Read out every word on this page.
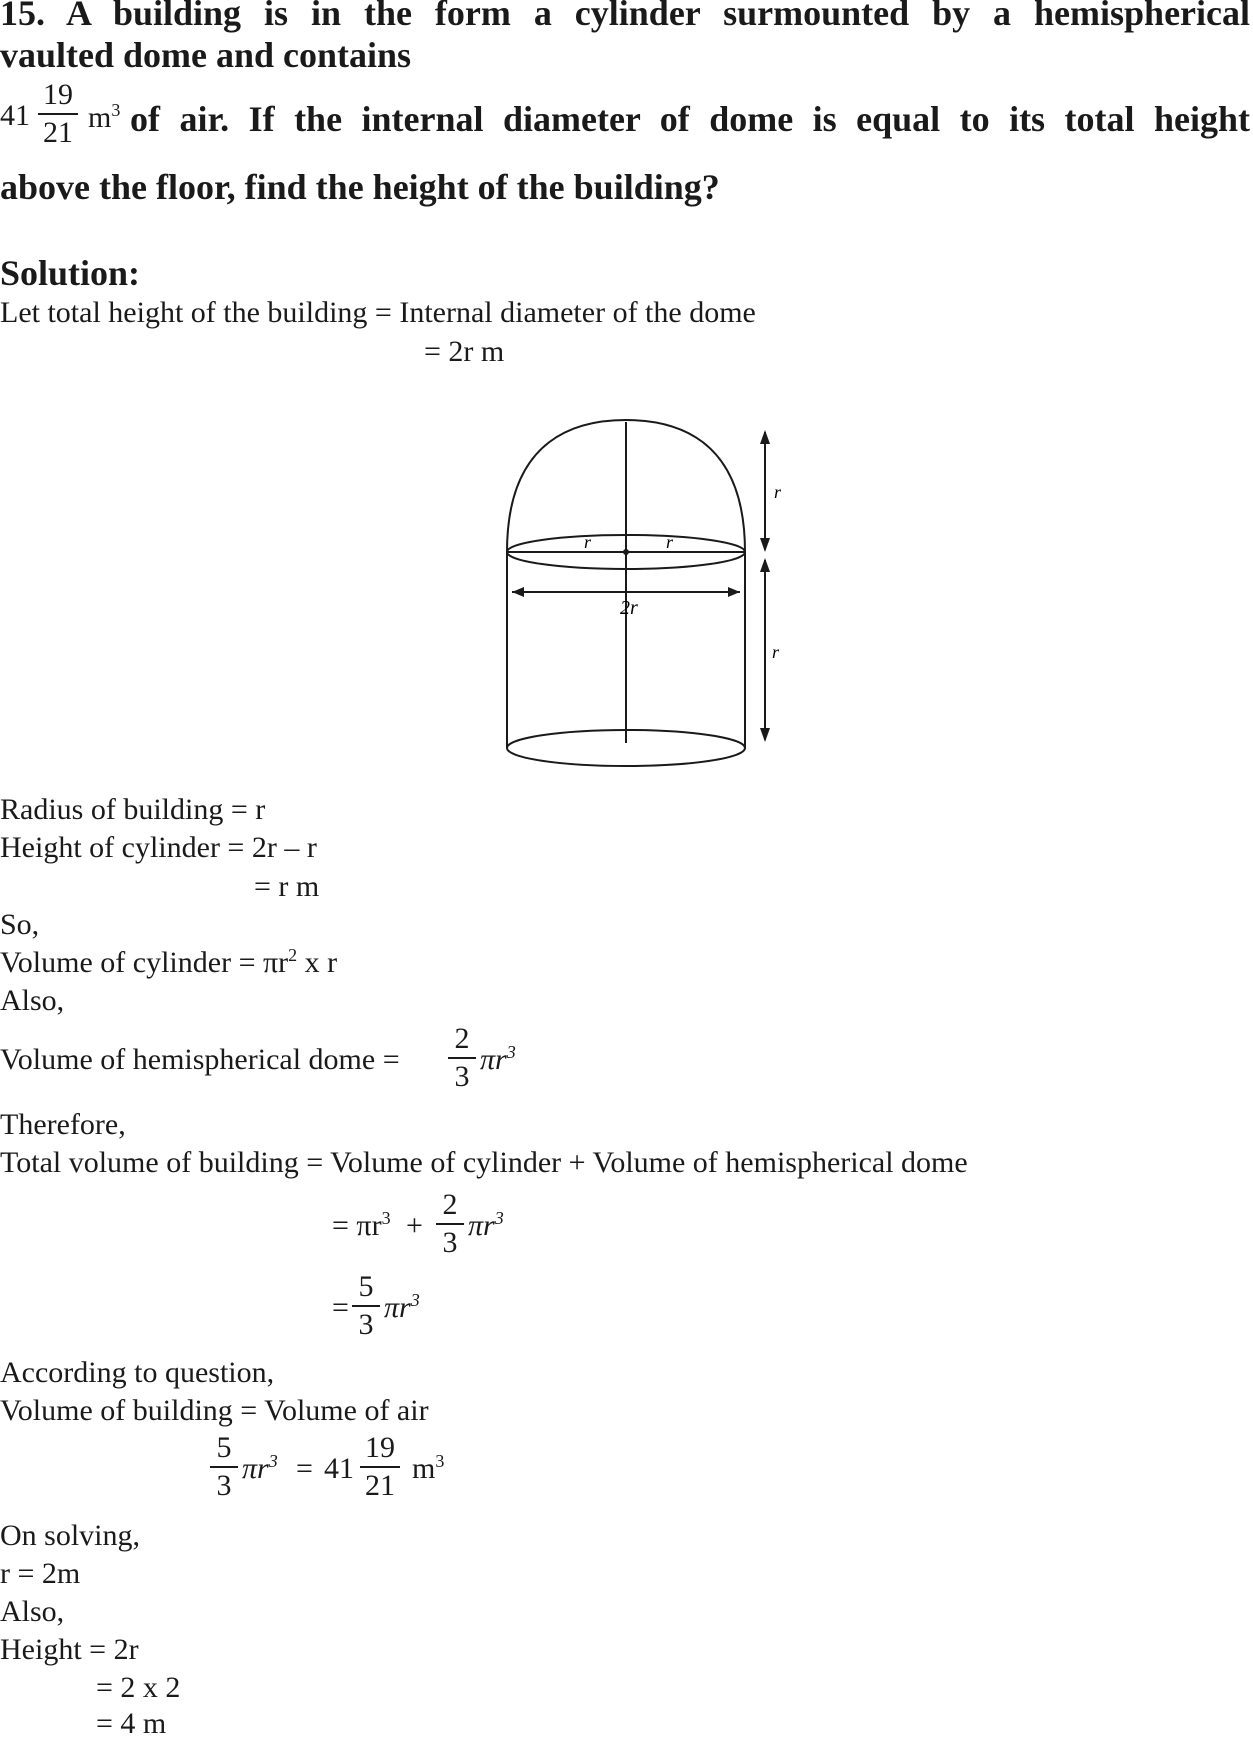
15. A building is in the form a cylinder surmounted by a hemispherical
vaulted dome and contains
41
19
21 $m^3$ of air. If the internal diameter of dome is equal to its total height
above the floor, find the height of the building?
Solution:
Let total height of the building = Internal diameter of the dome
= 2r m
r	r
2r
r
r
Radius of building = r
Height of cylinder = 2r – r
= r m
So,
Volume of cylinder = $\pi r^2$ x r
Also,
Volume of hemispherical dome =
2
3
$\pi r^3$
Therefore,
Total volume of building = Volume of cylinder + Volume of hemispherical dome
= $\pi r^3$ +
2
3
$\pi r^3$
=
5
3
$\pi r^3$
According to question,
Volume of building = Volume of air
5
3
$\pi r^3 = 41$
19
21
$m^3$
On solving,
r = 2m
Also,
Height = 2r
= 2 x 2
= 4 m
